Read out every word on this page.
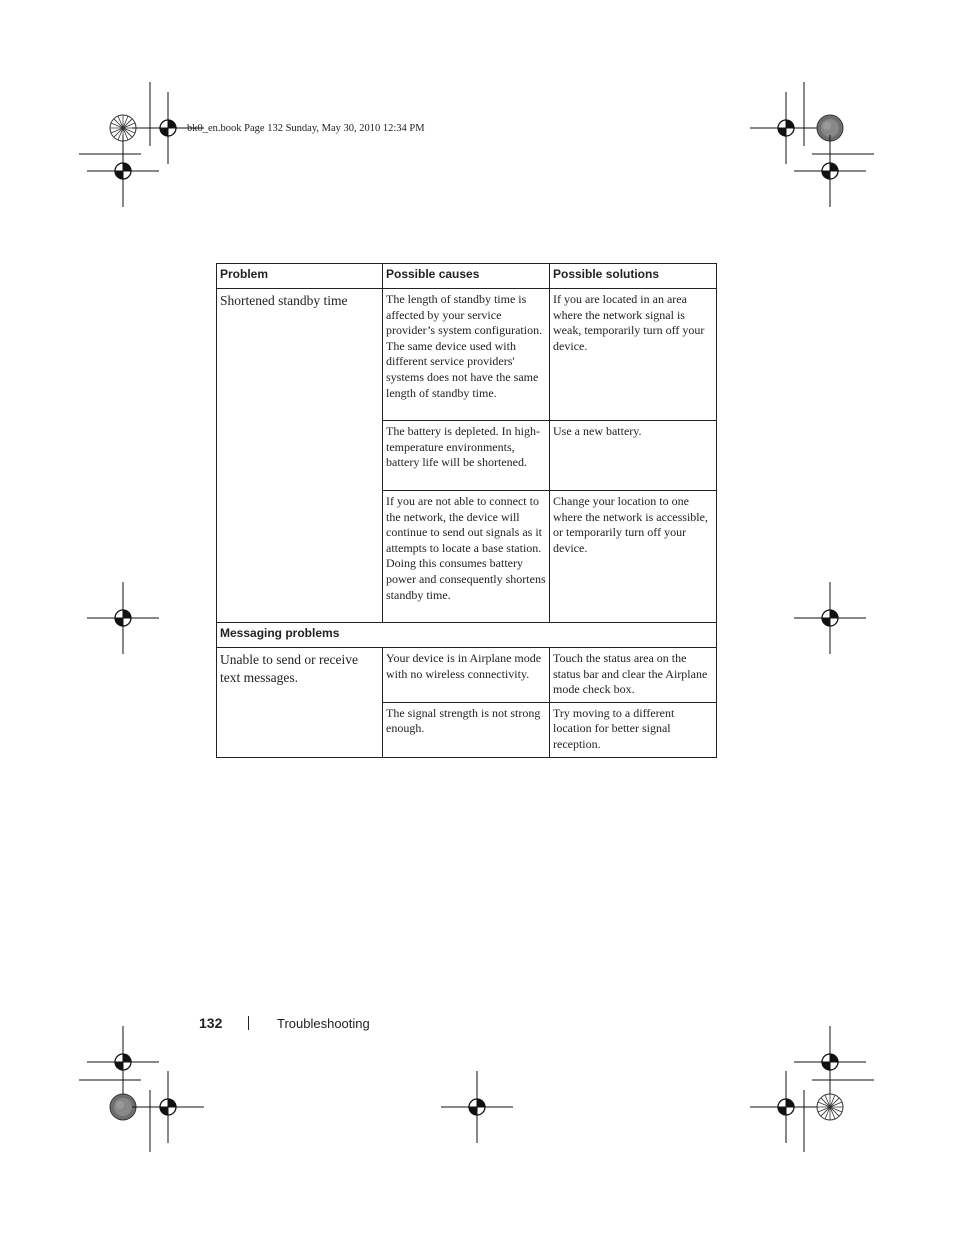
bk0_en.book Page 132 Sunday, May 30, 2010 12:34 PM
Problem	Possible causes	Possible solutions
Shortened standby time	The length of standby time is affected by your service provider’s system configuration. The same device used with different service providers' systems does not have the same length of standby time.	If you are located in an area where the network signal is weak, temporarily turn off your device.
	The battery is depleted. In high-temperature environments, battery life will be shortened.	Use a new battery.
	If you are not able to connect to the network, the device will continue to send out signals as it attempts to locate a base station. Doing this consumes battery power and consequently shortens standby time.	Change your location to one where the network is accessible, or temporarily turn off your device.
Messaging problems		
Unable to send or receive text messages.	Your device is in Airplane mode with no wireless connectivity.	Touch the status area on the status bar and clear the Airplane mode check box.
	The signal strength is not strong enough.	Try moving to a different location for better signal reception.
132	Troubleshooting
